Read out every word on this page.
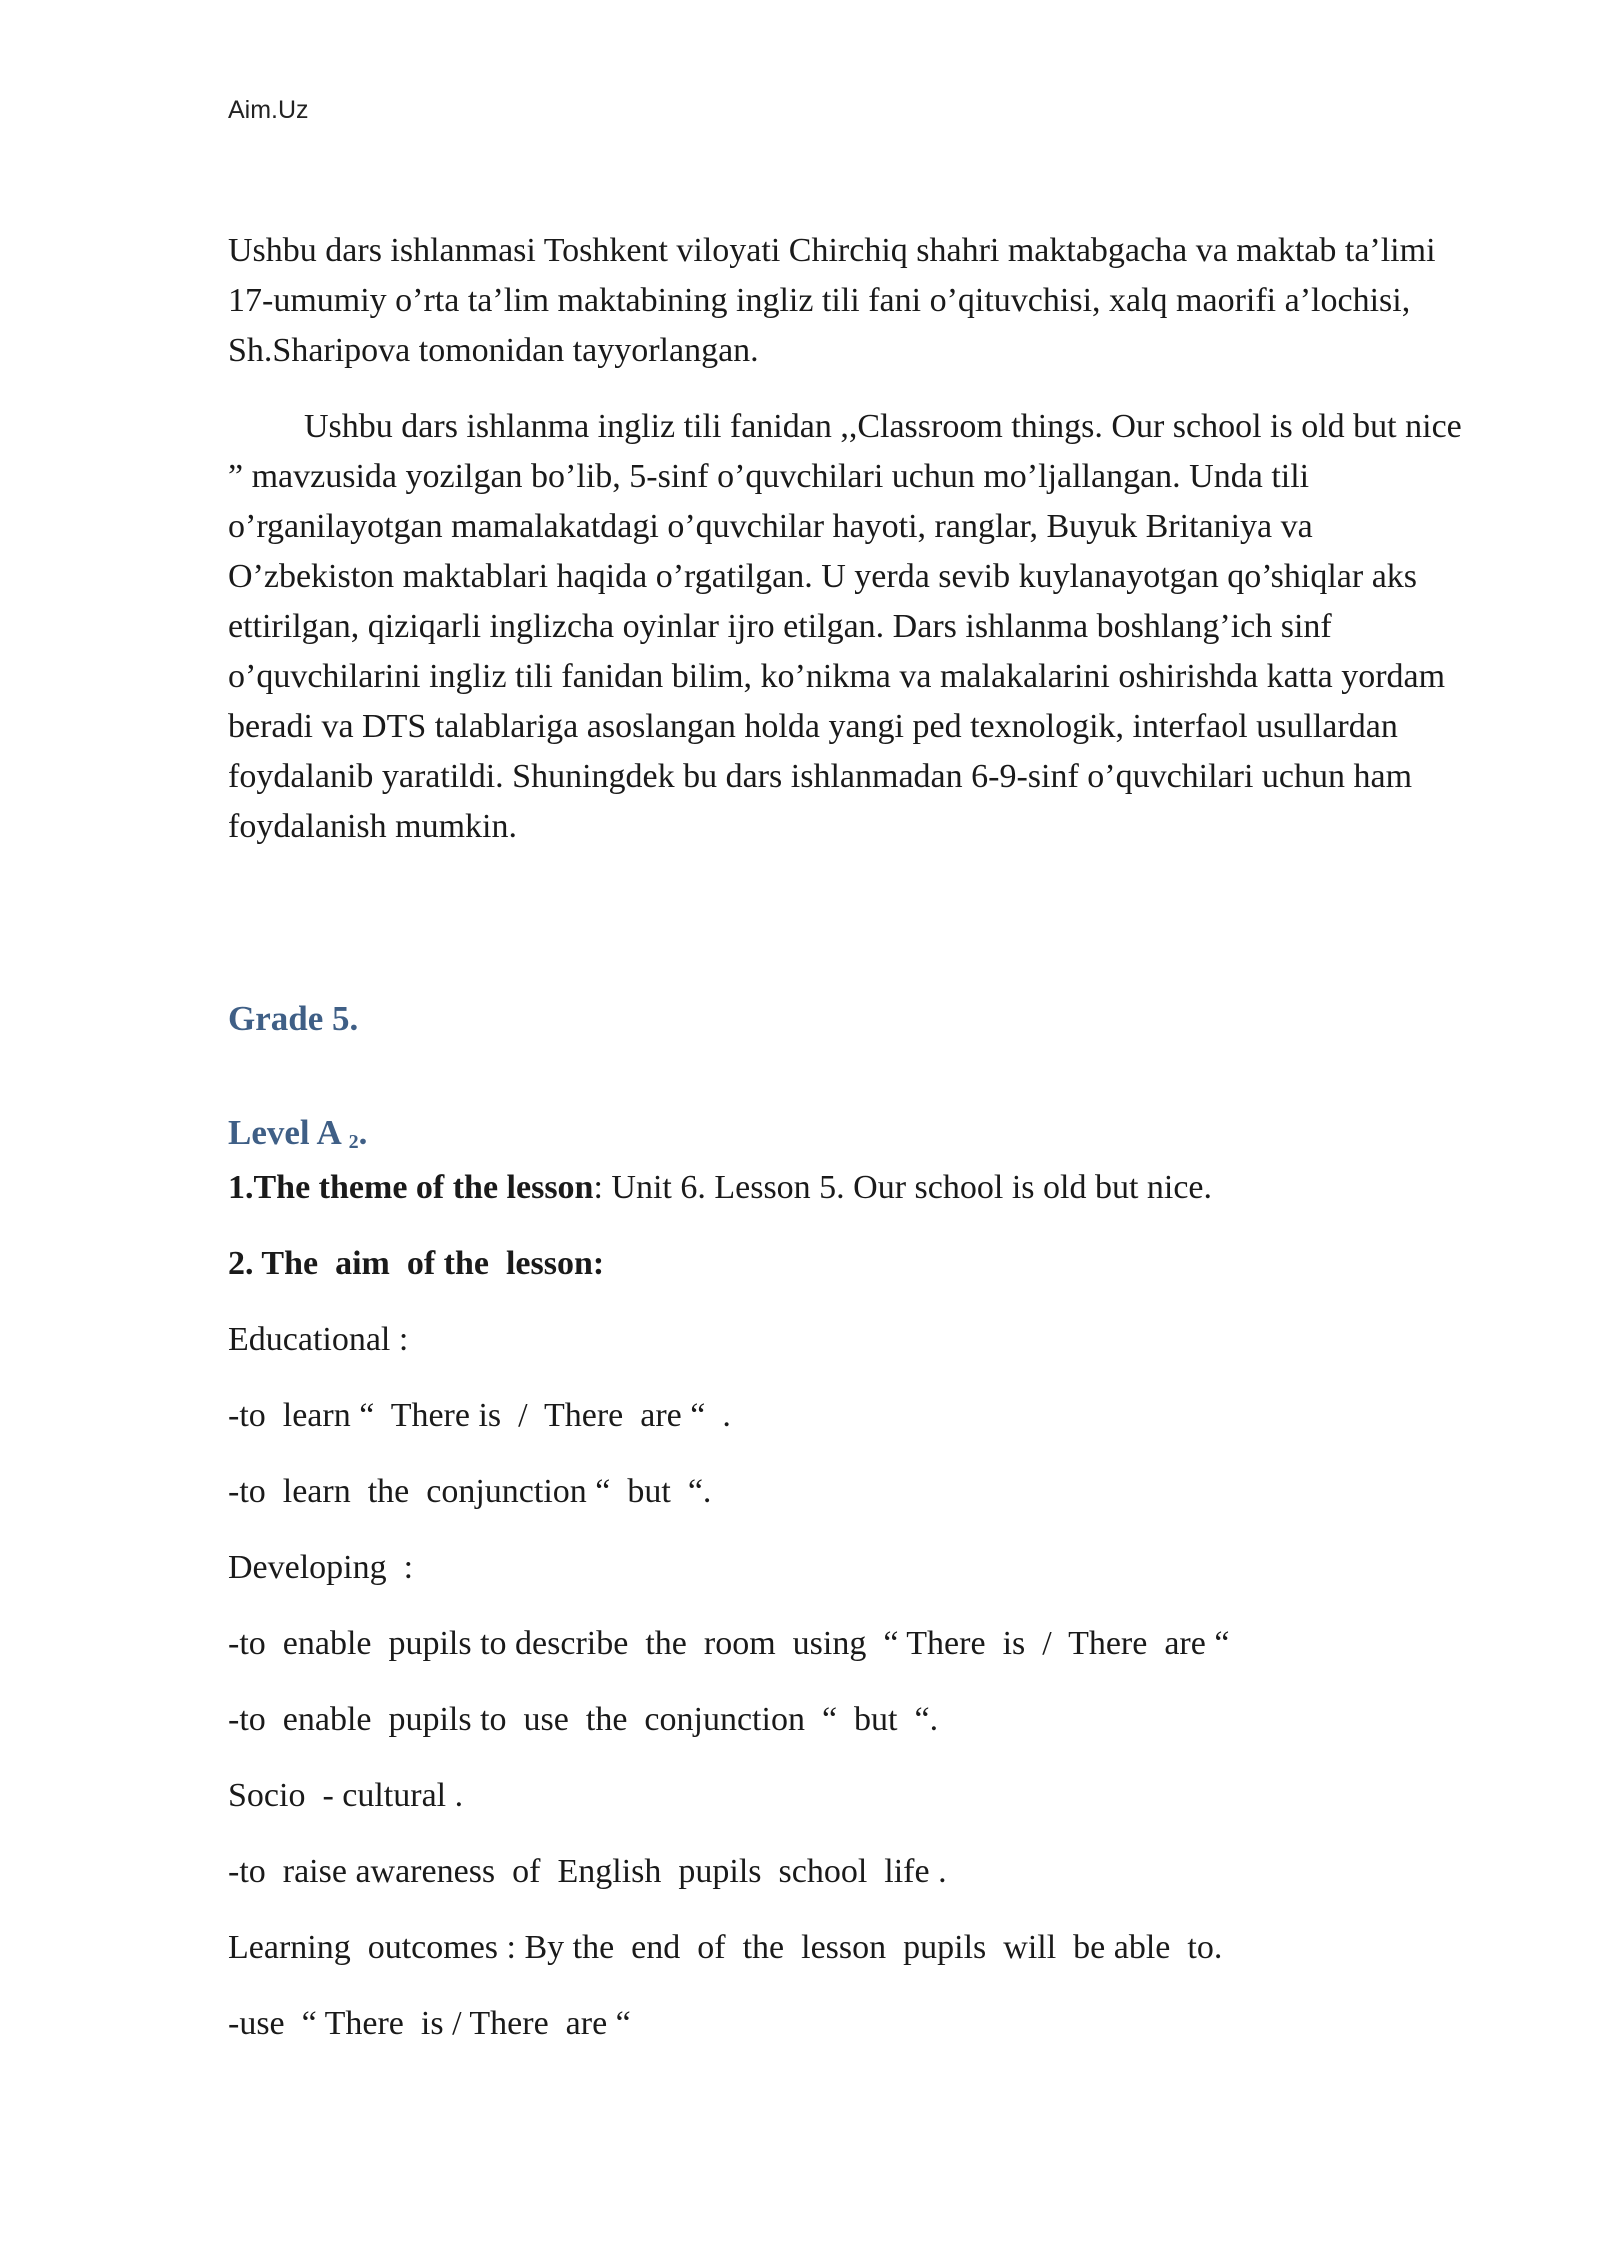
Aim.Uz

Ushbu dars ishlanmasi Toshkent viloyati Chirchiq shahri maktabgacha va maktab ta’limi 17-umumiy o’rta ta’lim maktabining ingliz tili fani o’qituvchisi, xalq maorifi a’lochisi, Sh.Sharipova tomonidan tayyorlangan.

Ushbu dars ishlanma ingliz tili fanidan ,,Classroom things. Our school is old but nice ” mavzusida yozilgan bo’lib, 5-sinf o’quvchilari uchun mo’ljallangan. Unda tili o’rganilayotgan mamalakatdagi o’quvchilar hayoti, ranglar, Buyuk Britaniya va O’zbekiston maktablari haqida o’rgatilgan. U yerda sevib kuylanayotgan qo’shiqlar aks ettirilgan, qiziqarli inglizcha oyinlar ijro etilgan. Dars ishlanma boshlang’ich sinf o’quvchilarini ingliz tili fanidan bilim, ko’nikma va malakalarini oshirishda katta yordam beradi va DTS talablariga asoslangan holda yangi ped texnologik, interfaol usullardan foydalanib yaratildi. Shuningdek bu dars ishlanmadan 6-9-sinf o’quvchilari uchun ham foydalanish mumkin.

Grade 5.

Level A $_2$.

1.The theme of the lesson: Unit 6. Lesson 5. Our school is old but nice.

2. The  aim  of the  lesson:

Educational :

-to  learn “  There is  /  There  are “  .

-to  learn  the  conjunction “  but  “.

Developing  :

-to  enable  pupils to describe  the  room  using  “ There  is  /  There  are “

-to  enable  pupils to  use  the  conjunction  “  but  “.

Socio  - cultural .

-to  raise awareness  of  English  pupils  school  life .

Learning  outcomes : By the  end  of  the  lesson  pupils  will  be able  to.

-use  “ There  is / There  are “
